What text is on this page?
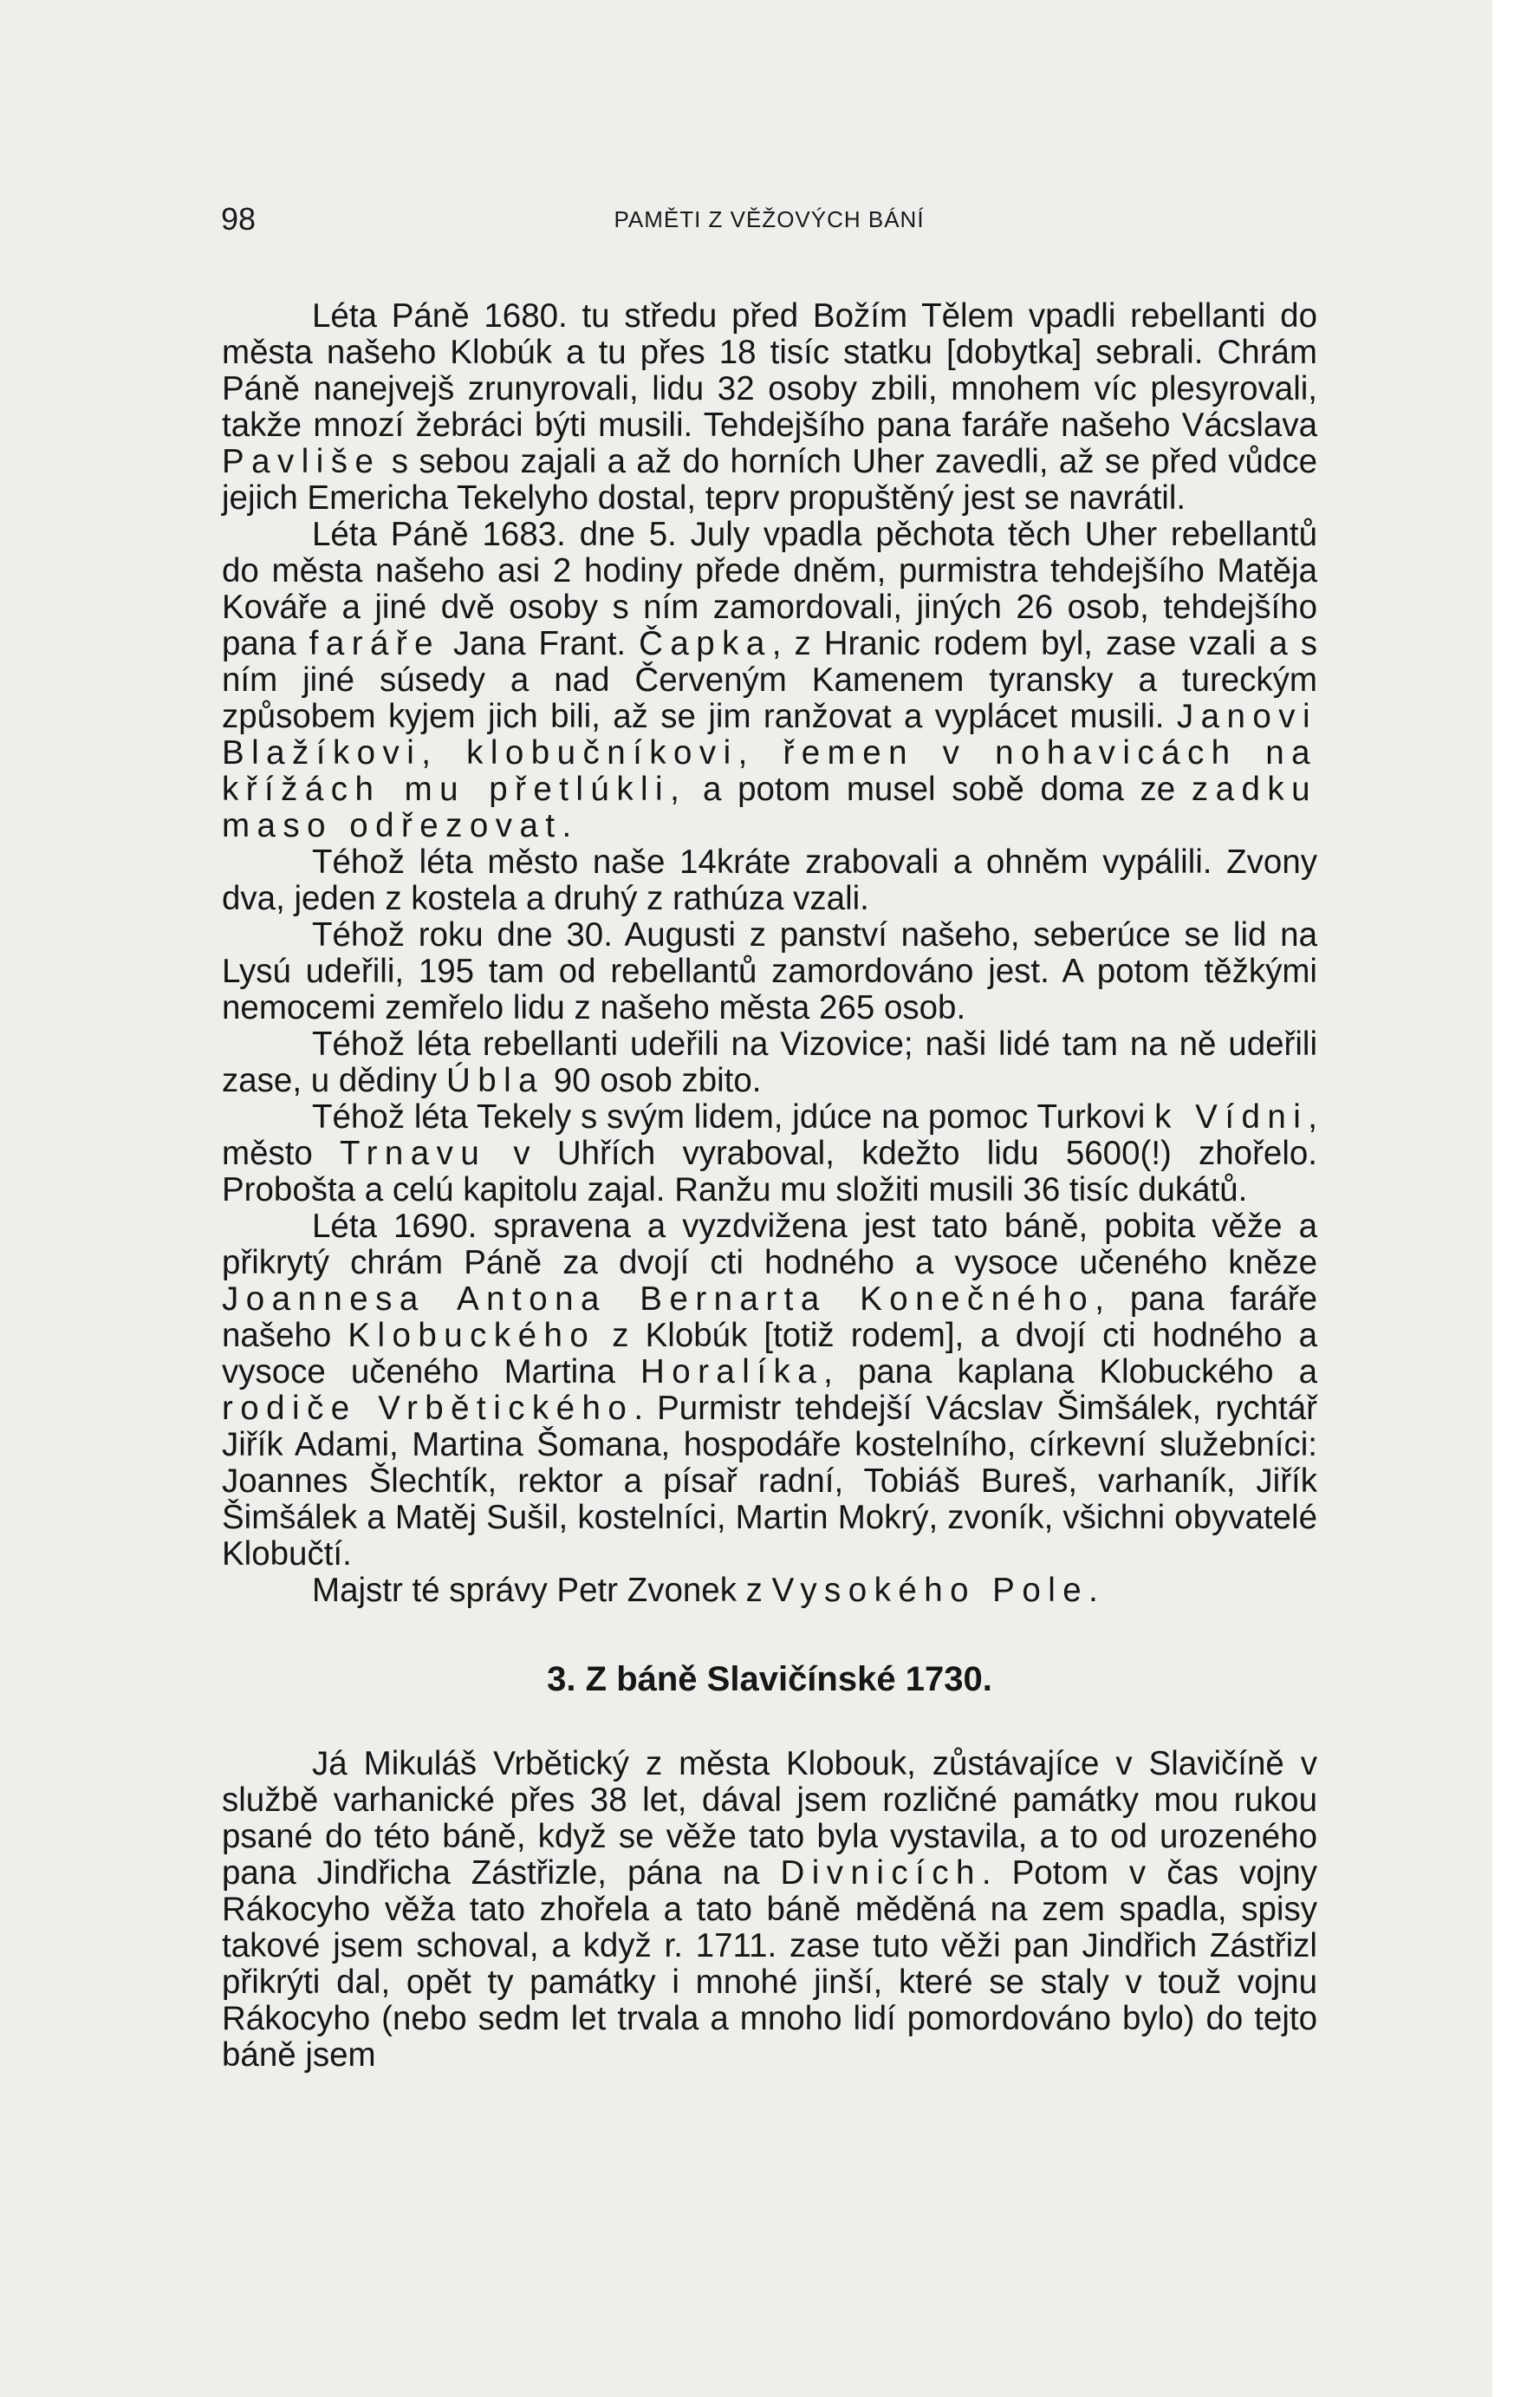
98	PAMĚTI Z VĚŽOVÝCH BÁNÍ

Léta Páně 1680. tu středu před Božím Tělem vpadli rebellanti do města našeho Klobúk a tu přes 18 tisíc statku [dobytka] sebrali. Chrám Páně nanejvejš zrunyrovali, lidu 32 osoby zbili, mnohem víc plesyrovali, takže mnozí žebráci býti musili. Tehdejšího pana faráře našeho Vácslava Pavliše s sebou zajali a až do horních Uher zavedli, až se před vůdce jejich Emericha Tekelyho dostal, teprv propuštěný jest se navrátil.

Léta Páně 1683. dne 5. July vpadla pěchota těch Uher rebellantů do města našeho asi 2 hodiny přede dněm, purmistra tehdejšího Matěja Kováře a jiné dvě osoby s ním zamordovali, jiných 26 osob, tehdejšího pana faráře Jana Frant. Čapka, z Hranic rodem byl, zase vzali a s ním jiné súsedy a nad Červeným Kamenem tyransky a tureckým způsobem kyjem jich bili, až se jim ranžovat a vyplácet musili. Janovi Blažíkovi, klobučníkovi, řemen v nohavicách na křížách mu přetlúkli, a potom musel sobě doma ze zadku maso odřezovat.

Téhož léta město naše 14kráte zrabovali a ohněm vypálili. Zvony dva, jeden z kostela a druhý z rathúza vzali.

Téhož roku dne 30. Augusti z panství našeho, seberúce se lid na Lysú udeřili, 195 tam od rebellantů zamordováno jest. A potom těžkými nemocemi zemřelo lidu z našeho města 265 osob.

Téhož léta rebellanti udeřili na Vizovice; naši lidé tam na ně udeřili zase, u dědiny Úbla 90 osob zbito.

Téhož léta Tekely s svým lidem, jdúce na pomoc Turkovi k Vídni, město Trnavu v Uhřích vyraboval, kdežto lidu 5600(!) zhořelo. Probošta a celú kapitolu zajal. Ranžu mu složiti musili 36 tisíc dukátů.

Léta 1690. spravena a vyzdvižena jest tato báně, pobita věže a přikrytý chrám Páně za dvojí cti hodného a vysoce učeného kněze Joannesa Antona Bernarta Konečného, pana faráře našeho Klobuckého z Klobúk [totiž rodem], a dvojí cti hodného a vysoce učeného Martina Horalíka, pana kaplana Klobuckého a rodiče Vrbětického. Purmistr tehdejší Vácslav Šimšálek, rychtář Jiřík Adami, Martina Šomana, hospodáře kostelního, církevní služebníci: Joannes Šlechtík, rektor a písař radní, Tobiáš Bureš, varhaník, Jiřík Šimšálek a Matěj Sušil, kostelníci, Martin Mokrý, zvoník, všichni obyvatelé Klobučtí.

Majstr té správy Petr Zvonek z Vysokého Pole.

3. Z báně Slavičínské 1730.

Já Mikuláš Vrbětický z města Klobouk, zůstávajíce v Slavičíně v službě varhanické přes 38 let, dával jsem rozličné památky mou rukou psané do této báně, když se věže tato byla vystavila, a to od urozeného pana Jindřicha Zástřizle, pána na Divnicích. Potom v čas vojny Rákocyho věža tato zhořela a tato báně měděná na zem spadla, spisy takové jsem schoval, a když r. 1711. zase tuto věži pan Jindřich Zástřizl přikrýti dal, opět ty památky i mnohé jinší, které se staly v touž vojnu Rákocyho (nebo sedm let trvala a mnoho lidí pomordováno bylo) do tejto báně jsem
